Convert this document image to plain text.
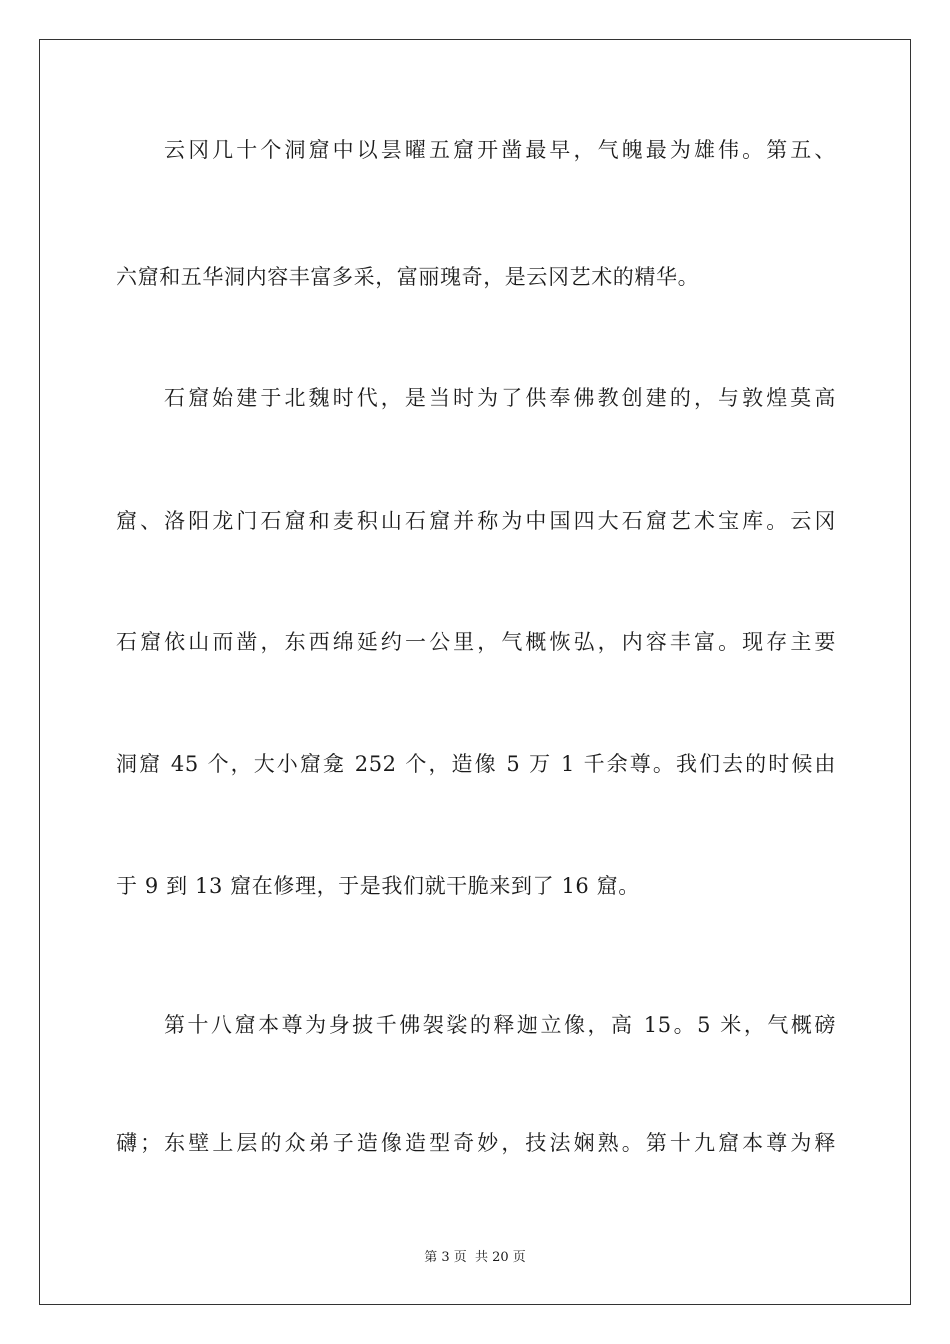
云冈几十个洞窟中以昙曜五窟开凿最早，气魄最为雄伟。第五、
六窟和五华洞内容丰富多采，富丽瑰奇，是云冈艺术的精华。
石窟始建于北魏时代，是当时为了供奉佛教创建的，与敦煌莫高
窟、洛阳龙门石窟和麦积山石窟并称为中国四大石窟艺术宝库。云冈
石窟依山而凿，东西绵延约一公里，气概恢弘，内容丰富。现存主要
洞窟 45 个，大小窟龛 252 个，造像 5 万 1 千余尊。我们去的时候由
于 9 到 13 窟在修理，于是我们就干脆来到了 16 窟。
第十八窟本尊为身披千佛袈裟的释迦立像，高 15。5 米，气概磅
礴；东壁上层的众弟子造像造型奇妙，技法娴熟。第十九窟本尊为释
第 3 页 共 20 页
